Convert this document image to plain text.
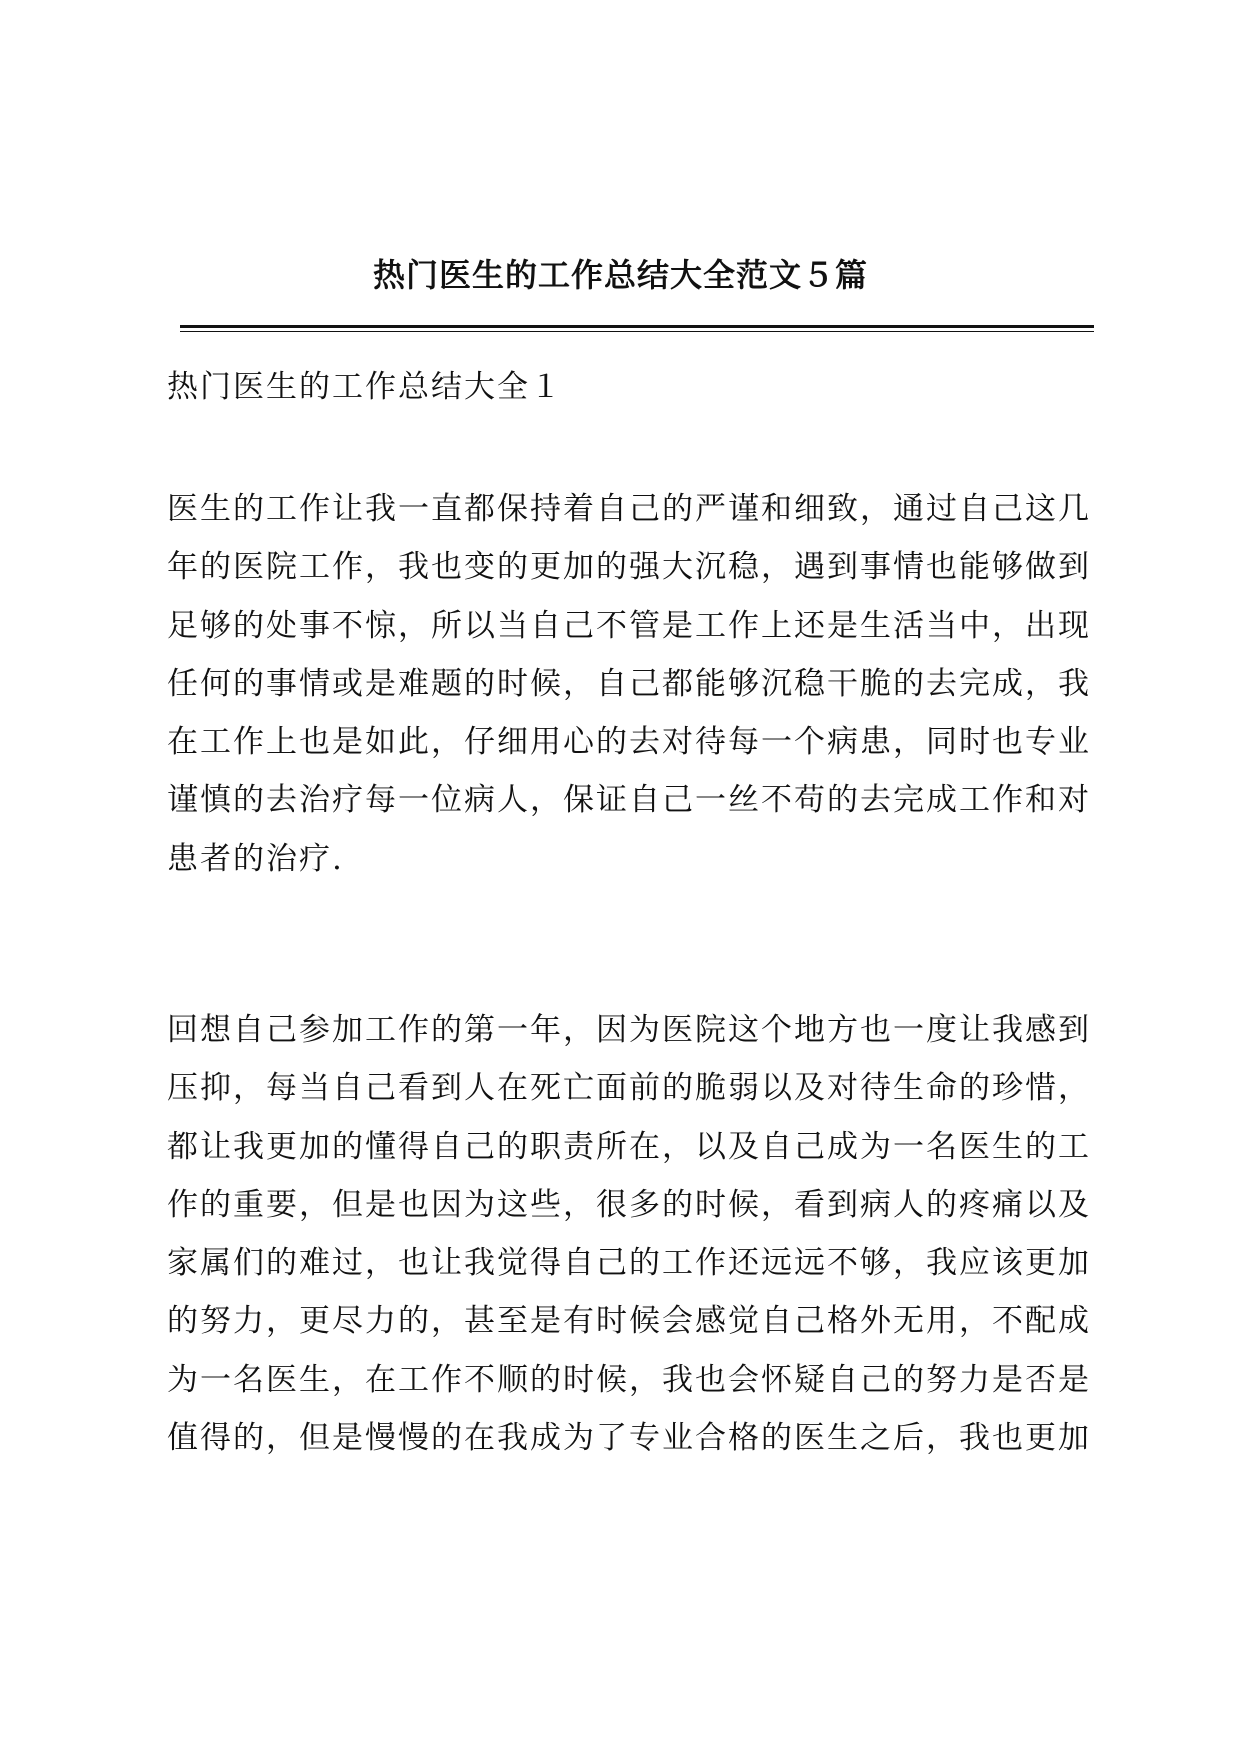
热门医生的工作总结大全范文５篇
热门医生的工作总结大全１
医生的工作让我一直都保持着自己的严谨和细致，通过自己这几
年的医院工作，我也变的更加的强大沉稳，遇到事情也能够做到
足够的处事不惊，所以当自己不管是工作上还是生活当中，出现
任何的事情或是难题的时候，自己都能够沉稳干脆的去完成，我
在工作上也是如此，仔细用心的去对待每一个病患，同时也专业
谨慎的去治疗每一位病人，保证自己一丝不苟的去完成工作和对
患者的治疗.
回想自己参加工作的第一年，因为医院这个地方也一度让我感到
压抑，每当自己看到人在死亡面前的脆弱以及对待生命的珍惜，
都让我更加的懂得自己的职责所在，以及自己成为一名医生的工
作的重要，但是也因为这些，很多的时候，看到病人的疼痛以及
家属们的难过，也让我觉得自己的工作还远远不够，我应该更加
的努力，更尽力的，甚至是有时候会感觉自己格外无用，不配成
为一名医生，在工作不顺的时候，我也会怀疑自己的努力是否是
值得的，但是慢慢的在我成为了专业合格的医生之后，我也更加
